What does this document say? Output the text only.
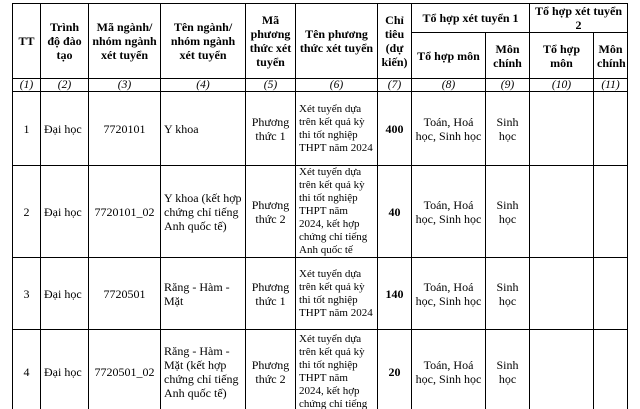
TT	Trình độ đào tạo	Mã ngành/ nhóm ngành xét tuyển	Tên ngành/ nhóm ngành xét tuyển	Mã phương thức xét tuyển	Tên phương thức xét tuyển	Chỉ tiêu (dự kiến)	Tổ hợp xét tuyển 1		Tổ hợp xét tuyển 2	
							Tổ hợp môn	Môn chính	Tổ hợp môn	Môn chính
(1)	(2)	(3)	(4)	(5)	(6)	(7)	(8)	(9)	(10)	(11)
1	Đại học	7720101	Y khoa	Phương thức 1	Xét tuyển dựa trên kết quả kỳ thi tốt nghiệp THPT năm 2024	400	Toán, Hoá học, Sinh học	Sinh học		
2	Đại học	7720101_02	Y khoa (kết hợp chứng chỉ tiếng Anh quốc tế)	Phương thức 2	Xét tuyển dựa trên kết quả kỳ thi tốt nghiệp THPT năm 2024, kết hợp chứng chỉ tiếng Anh quốc tế	40	Toán, Hoá học, Sinh học	Sinh học		
3	Đại học	7720501	Răng - Hàm - Mặt	Phương thức 1	Xét tuyển dựa trên kết quả kỳ thi tốt nghiệp THPT năm 2024	140	Toán, Hoá học, Sinh học	Sinh học		
4	Đại học	7720501_02	Răng - Hàm - Mặt (kết hợp chứng chỉ tiếng Anh quốc tế)	Phương thức 2	Xét tuyển dựa trên kết quả kỳ thi tốt nghiệp THPT năm 2024, kết hợp chứng chỉ tiếng	20	Toán, Hoá học, Sinh học	Sinh học		
